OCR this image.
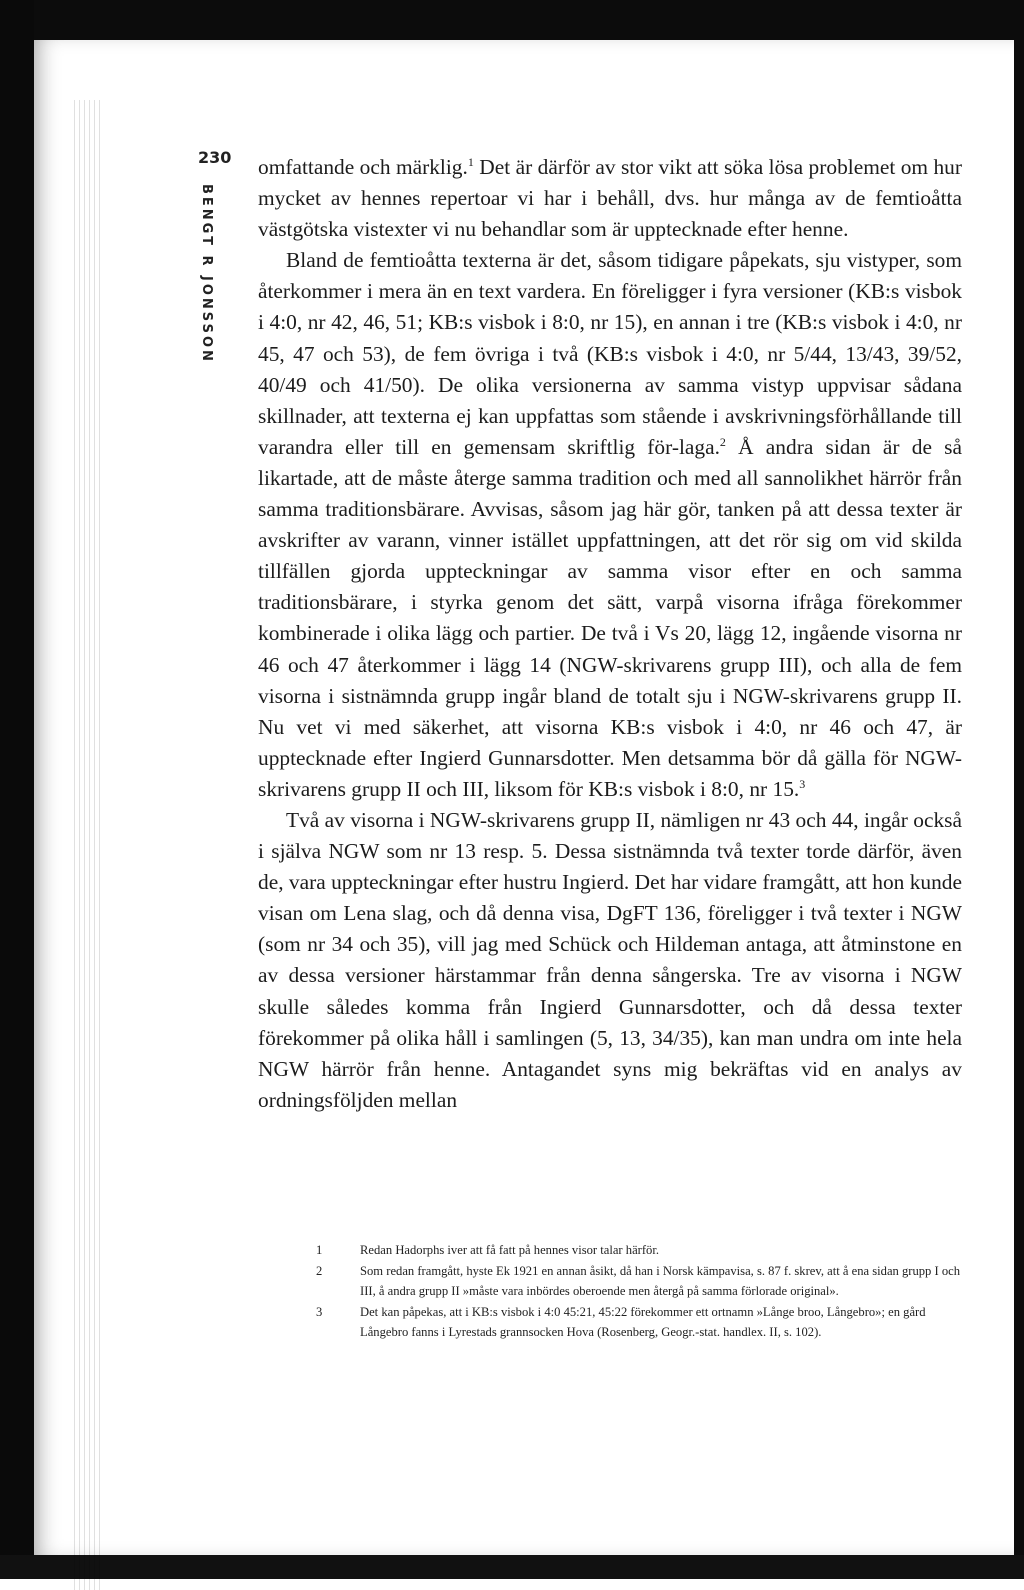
230
BENGT R JONSSON

omfattande och märklig.$^1$ Det är därför av stor vikt att söka lösa problemet om hur mycket av hennes repertoar vi har i behåll, dvs. hur många av de femtioåtta västgötska vistexter vi nu behandlar som är upptecknade efter henne.

Bland de femtioåtta texterna är det, såsom tidigare påpekats, sju vistyper, som återkommer i mera än en text vardera. En föreligger i fyra versioner (KB:s visbok i 4:0, nr 42, 46, 51; KB:s visbok i 8:0, nr 15), en annan i tre (KB:s visbok i 4:0, nr 45, 47 och 53), de fem övriga i två (KB:s visbok i 4:0, nr 5/44, 13/43, 39/52, 40/49 och 41/50). De olika versionerna av samma vistyp uppvisar sådana skillnader, att texterna ej kan uppfattas som stående i avskrivningsförhållande till varandra eller till en gemensam skriftlig för-laga.$^2$ Å andra sidan är de så likartade, att de måste återge samma tradition och med all sannolikhet härrör från samma traditionsbärare. Avvisas, såsom jag här gör, tanken på att dessa texter är avskrifter av varann, vinner istället uppfattningen, att det rör sig om vid skilda tillfällen gjorda uppteckningar av samma visor efter en och samma traditionsbärare, i styrka genom det sätt, varpå visorna ifråga förekommer kombinerade i olika lägg och partier. De två i Vs 20, lägg 12, ingående visorna nr 46 och 47 återkommer i lägg 14 (NGW-skrivarens grupp III), och alla de fem visorna i sistnämnda grupp ingår bland de totalt sju i NGW-skrivarens grupp II. Nu vet vi med säkerhet, att visorna KB:s visbok i 4:0, nr 46 och 47, är upptecknade efter Ingierd Gunnarsdotter. Men detsamma bör då gälla för NGW-skrivarens grupp II och III, liksom för KB:s visbok i 8:0, nr 15.$^3$

Två av visorna i NGW-skrivarens grupp II, nämligen nr 43 och 44, ingår också i själva NGW som nr 13 resp. 5. Dessa sistnämnda två texter torde därför, även de, vara uppteckningar efter hustru Ingierd. Det har vidare framgått, att hon kunde visan om Lena slag, och då denna visa, DgFT 136, föreligger i två texter i NGW (som nr 34 och 35), vill jag med Schück och Hildeman antaga, att åtminstone en av dessa versioner härstammar från denna sångerska. Tre av visorna i NGW skulle således komma från Ingierd Gunnarsdotter, och då dessa texter förekommer på olika håll i samlingen (5, 13, 34/35), kan man undra om inte hela NGW härrör från henne. Antagandet syns mig bekräftas vid en analys av ordningsföljden mellan

1	Redan Hadorphs iver att få fatt på hennes visor talar härför.
2	Som redan framgått, hyste Ek 1921 en annan åsikt, då han i Norsk kämpavisa, s. 87 f. skrev, att å ena sidan grupp I och III, å andra grupp II »måste vara inbördes oberoende men återgå på samma förlorade original».
3	Det kan påpekas, att i KB:s visbok i 4:0 45:21, 45:22 förekommer ett ortnamn »Långe broo, Långebro»; en gård Långebro fanns i Lyrestads grannsocken Hova (Rosenberg, Geogr.-stat. handlex. II, s. 102).
